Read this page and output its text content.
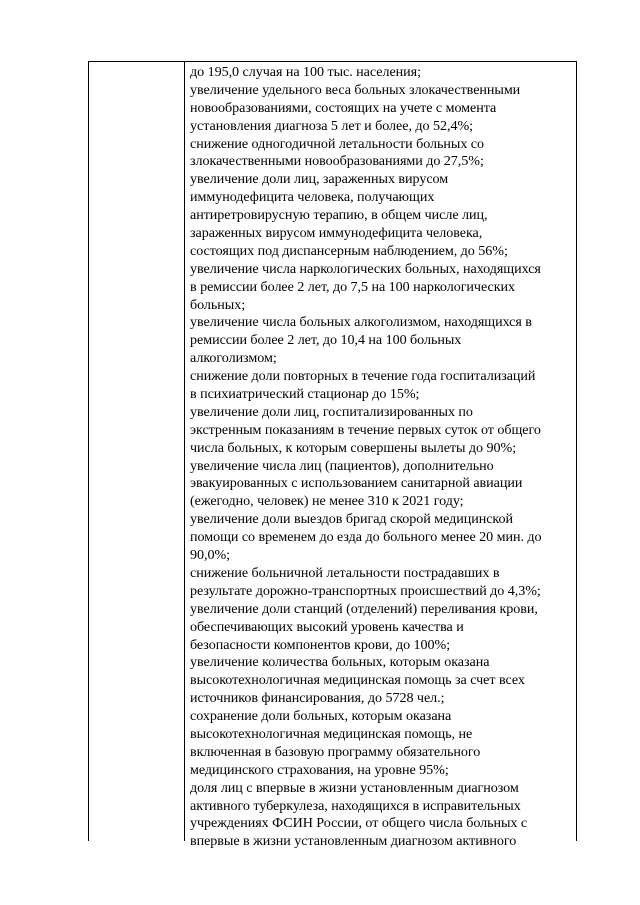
до 195,0 случая на 100 тыс. населения;
увеличение удельного веса больных злокачественными
новообразованиями, состоящих на учете с момента
установления диагноза 5 лет и более, до 52,4%;
снижение одногодичной летальности больных со
злокачественными новообразованиями до 27,5%;
увеличение доли лиц, зараженных вирусом
иммунодефицита человека, получающих
антиретровирусную терапию, в общем числе лиц,
зараженных вирусом иммунодефицита человека,
состоящих под диспансерным наблюдением, до 56%;
увеличение числа наркологических больных, находящихся
в ремиссии более 2 лет, до 7,5 на 100 наркологических
больных;
увеличение числа больных алкоголизмом, находящихся в
ремиссии более 2 лет, до 10,4 на 100 больных
алкоголизмом;
снижение доли повторных в течение года госпитализаций
в психиатрический стационар до 15%;
увеличение доли лиц, госпитализированных по
экстренным показаниям в течение первых суток от общего
числа больных, к которым совершены вылеты до 90%;
увеличение числа лиц (пациентов), дополнительно
эвакуированных с использованием санитарной авиации
(ежегодно, человек) не менее 310 к 2021 году;
увеличение доли выездов бригад скорой медицинской
помощи со временем до езда до больного менее 20 мин. до
90,0%;
снижение больничной летальности пострадавших в
результате дорожно-транспортных происшествий до 4,3%;
увеличение доли станций (отделений) переливания крови,
обеспечивающих высокий уровень качества и
безопасности компонентов крови, до 100%;
увеличение количества больных, которым оказана
высокотехнологичная медицинская помощь за счет всех
источников финансирования, до 5728 чел.;
сохранение доли больных, которым оказана
высокотехнологичная медицинская помощь, не
включенная в базовую программу обязательного
медицинского страхования, на уровне 95%;
доля лиц с впервые в жизни установленным диагнозом
активного туберкулеза, находящихся в исправительных
учреждениях ФСИН России, от общего числа больных с
впервые в жизни установленным диагнозом активного
